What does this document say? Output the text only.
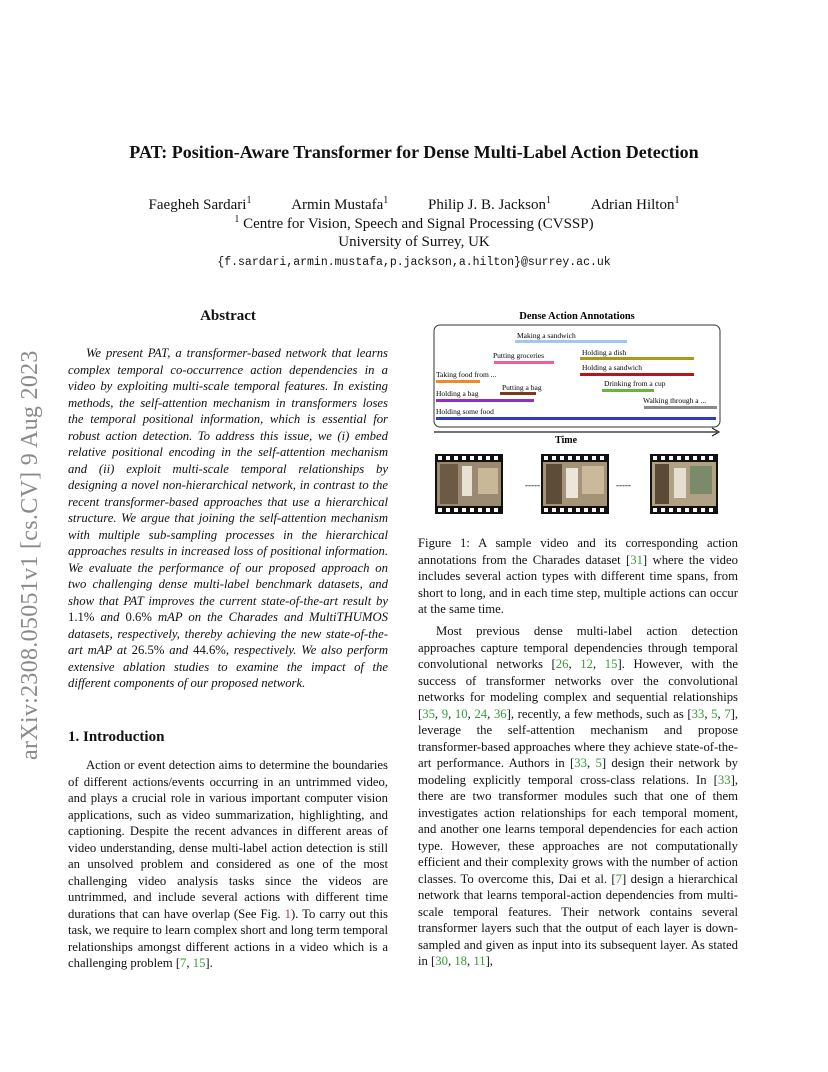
arXiv:2308.05051v1 [cs.CV] 9 Aug 2023
PAT: Position-Aware Transformer for Dense Multi-Label Action Detection
Faegheh Sardari$^1$	Armin Mustafa$^1$	Philip J. B. Jackson$^1$	Adrian Hilton$^1$
$^1$ Centre for Vision, Speech and Signal Processing (CVSSP)
University of Surrey, UK
{f.sardari,armin.mustafa,p.jackson,a.hilton}@surrey.ac.uk
Abstract
We present PAT, a transformer-based network that learns complex temporal co-occurrence action dependencies in a video by exploiting multi-scale temporal features. In existing methods, the self-attention mechanism in transformers loses the temporal positional information, which is essential for robust action detection. To address this issue, we (i) embed relative positional encoding in the self-attention mechanism and (ii) exploit multi-scale temporal relationships by designing a novel non-hierarchical network, in contrast to the recent transformer-based approaches that use a hierarchical structure. We argue that joining the self-attention mechanism with multiple sub-sampling processes in the hierarchical approaches results in increased loss of positional information. We evaluate the performance of our proposed approach on two challenging dense multi-label benchmark datasets, and show that PAT improves the current state-of-the-art result by 1.1% and 0.6% mAP on the Charades and MultiTHUMOS datasets, respectively, thereby achieving the new state-of-the-art mAP at 26.5% and 44.6%, respectively. We also perform extensive ablation studies to examine the impact of the different components of our proposed network.
1. Introduction
Action or event detection aims to determine the boundaries of different actions/events occurring in an untrimmed video, and plays a crucial role in various important computer vision applications, such as video summarization, highlighting, and captioning. Despite the recent advances in different areas of video understanding, dense multi-label action detection is still an unsolved problem and considered as one of the most challenging video analysis tasks since the videos are untrimmed, and include several actions with different time durations that can have overlap (See Fig. 1). To carry out this task, we require to learn complex short and long term temporal relationships amongst different actions in a video which is a challenging problem [7, 15].
Dense Action Annotations
Making a sandwich
Putting groceries	Holding a dish
Holding a sandwich
Taking food from ...
Putting a bag	Drinking from a cup
Holding a bag
Walking through a ...
Holding some food
Time
-----	-----
Figure 1: A sample video and its corresponding action annotations from the Charades dataset [31] where the video includes several action types with different time spans, from short to long, and in each time step, multiple actions can occur at the same time.
Most previous dense multi-label action detection approaches capture temporal dependencies through temporal convolutional networks [26, 12, 15]. However, with the success of transformer networks over the convolutional networks for modeling complex and sequential relationships [35, 9, 10, 24, 36], recently, a few methods, such as [33, 5, 7], leverage the self-attention mechanism and propose transformer-based approaches where they achieve state-of-the-art performance. Authors in [33, 5] design their network by modeling explicitly temporal cross-class relations. In [33], there are two transformer modules such that one of them investigates action relationships for each temporal moment, and another one learns temporal dependencies for each action type. However, these approaches are not computationally efficient and their complexity grows with the number of action classes. To overcome this, Dai et al. [7] design a hierarchical network that learns temporal-action dependencies from multi-scale temporal features. Their network contains several transformer layers such that the output of each layer is down-sampled and given as input into its subsequent layer. As stated in [30, 18, 11],
